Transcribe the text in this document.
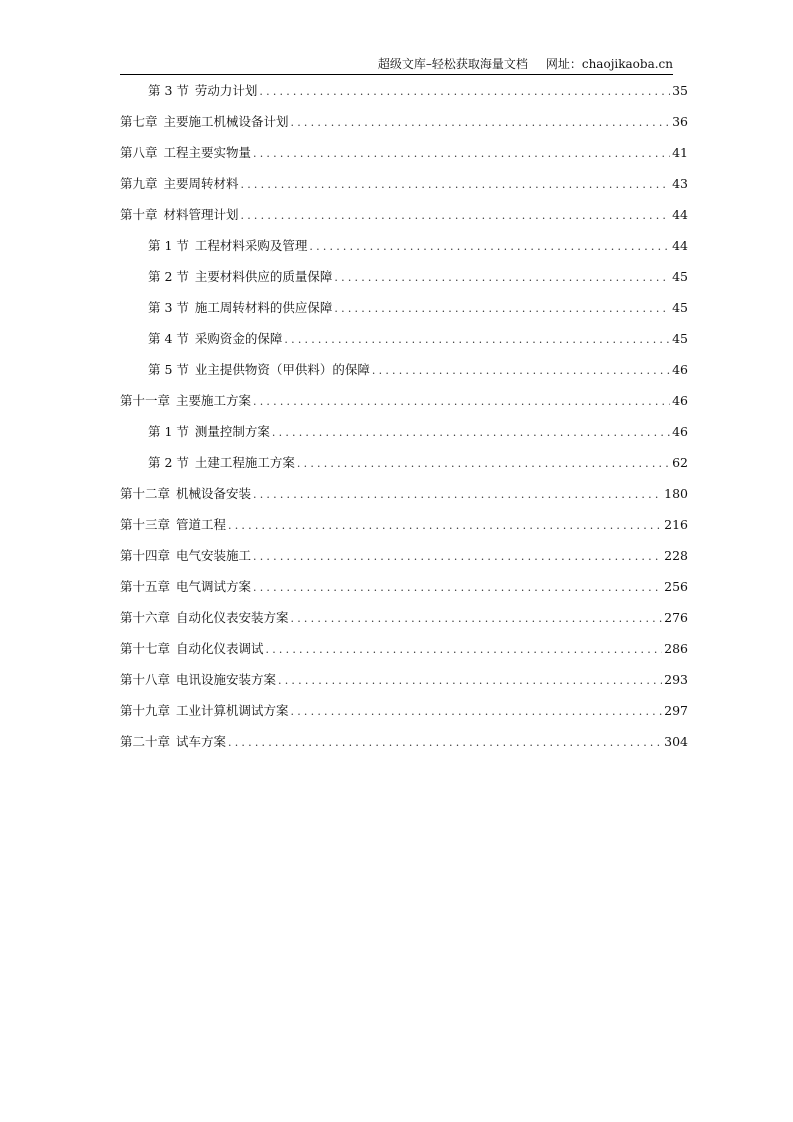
超级文库–轻松获取海量文档 网址：chaojikaoba.cn
第 3 节 劳动力计划 .....	35
第七章 主要施工机械设备计划 .....	36
第八章 工程主要实物量 .....	41
第九章 主要周转材料 .....	43
第十章 材料管理计划 .....	44
第 1 节 工程材料采购及管理 .....	44
第 2 节 主要材料供应的质量保障 .....	45
第 3 节 施工周转材料的供应保障 .....	45
第 4 节 采购资金的保障 .....	45
第 5 节 业主提供物资（甲供料）的保障 .....	46
第十一章 主要施工方案 .....	46
第 1 节 测量控制方案 .....	46
第 2 节 土建工程施工方案 .....	62
第十二章 机械设备安装 .....	180
第十三章 管道工程 .....	216
第十四章 电气安装施工 .....	228
第十五章 电气调试方案 .....	256
第十六章 自动化仪表安装方案 .....	276
第十七章 自动化仪表调试 .....	286
第十八章 电讯设施安装方案 .....	293
第十九章 工业计算机调试方案 .....	297
第二十章 试车方案 .....	304
